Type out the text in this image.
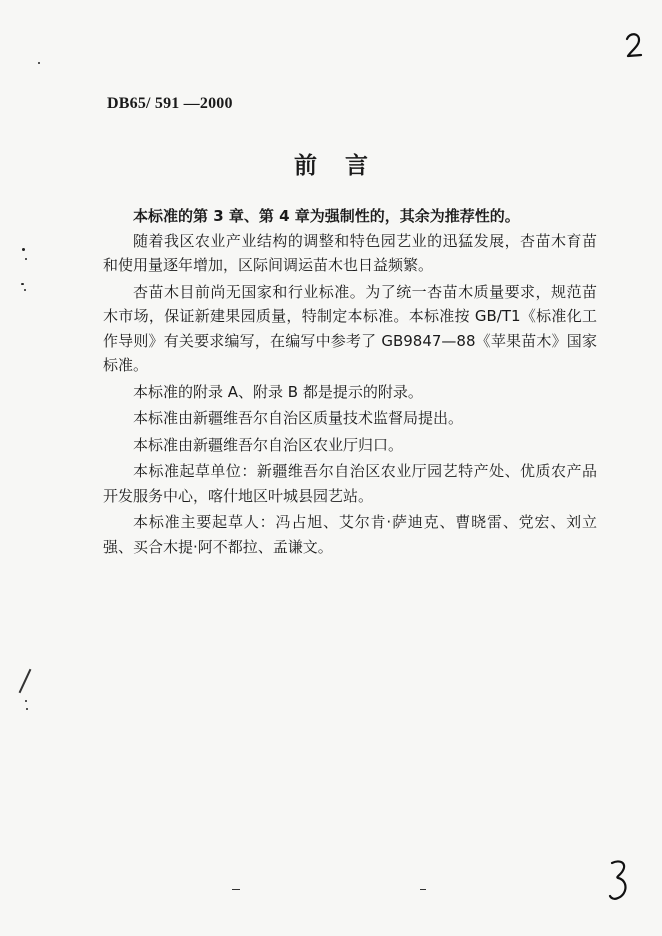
DB65/ 591 —2000
前言

本标准的第 3 章、第 4 章为强制性的，其余为推荐性的。

随着我区农业产业结构的调整和特色园艺业的迅猛发展，杏苗木育苗和使用量逐年增加，区际间调运苗木也日益频繁。

杏苗木目前尚无国家和行业标准。为了统一杏苗木质量要求，规范苗木市场，保证新建果园质量，特制定本标准。本标准按 GB/T1《标准化工作导则》有关要求编写，在编写中参考了 GB9847—88《苹果苗木》国家标准。

本标准的附录 A、附录 B 都是提示的附录。

本标准由新疆维吾尔自治区质量技术监督局提出。

本标准由新疆维吾尔自治区农业厅归口。

本标准起草单位：新疆维吾尔自治区农业厅园艺特产处、优质农产品开发服务中心，喀什地区叶城县园艺站。

本标准主要起草人：冯占旭、艾尔肯·萨迪克、曹晓雷、党宏、刘立强、买合木提·阿不都拉、孟谦文。
